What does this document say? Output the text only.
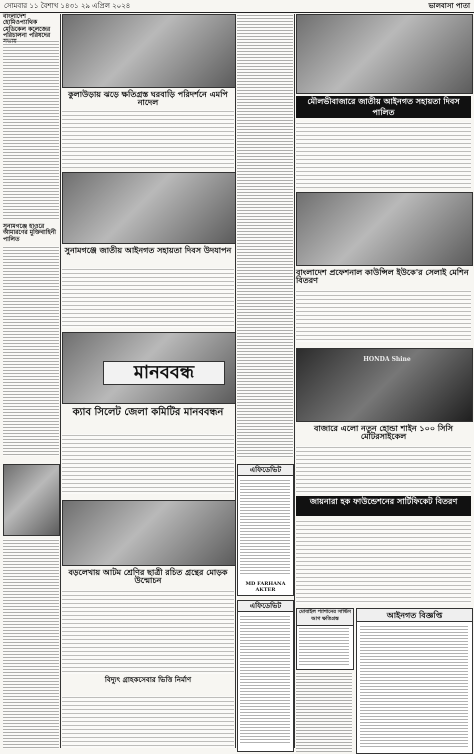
সোমবার ১১ বৈশাখ ১৪৩১ ২৯ এপ্রিল ২০২৪	ভালবাসা পাতা
বাংলাদেশ হোমিওপ্যাথিক মেডিকেল কলেজের পরিচালনা পরিষদের সভায়
সুনামগঞ্জে হাওরে আমারণের মুক্তিবাহিনী পালিত
কুলাউড়ায় ঝড়ে ক্ষতিগ্রস্ত ঘরবাড়ি পরিদর্শনে এমপি নাদেল
সুনামগঞ্জে জাতীয় আইনগত সহায়তা দিবস উদযাপন
মানববন্ধ
ক্যাব সিলেট জেলা কমিটির মানববন্ধন
বড়লেখায় আটম শ্রেণির ছাত্রী রচিত গ্রন্থের মোড়ক উন্মোচন
বিদ্যুৎ গ্রাহকসেবার ভিত্তি নির্মাণ
এফিডেভিট
MD FARHANA AKTER
এফিডেভিট
মৌলভীবাজারে জাতীয় আইনগত সহায়তা দিবস পালিত
বাংলাদেশ প্রফেশনাল কাউন্সিল ইউকে'র সেলাই মেশিন বিতরণ
HONDA Shine
বাজারে এলো নতুন হোন্ডা শাইন ১০০ সিসি মোটরসাইকেল
জায়নারা হক ফাউন্ডেশনের সার্টিফিকেট বিতরণ
মোবাইল প্যাশানের সার্ভিস আগ ক্ষতিগ্রস্ত	আইনগত বিজ্ঞপ্তি
